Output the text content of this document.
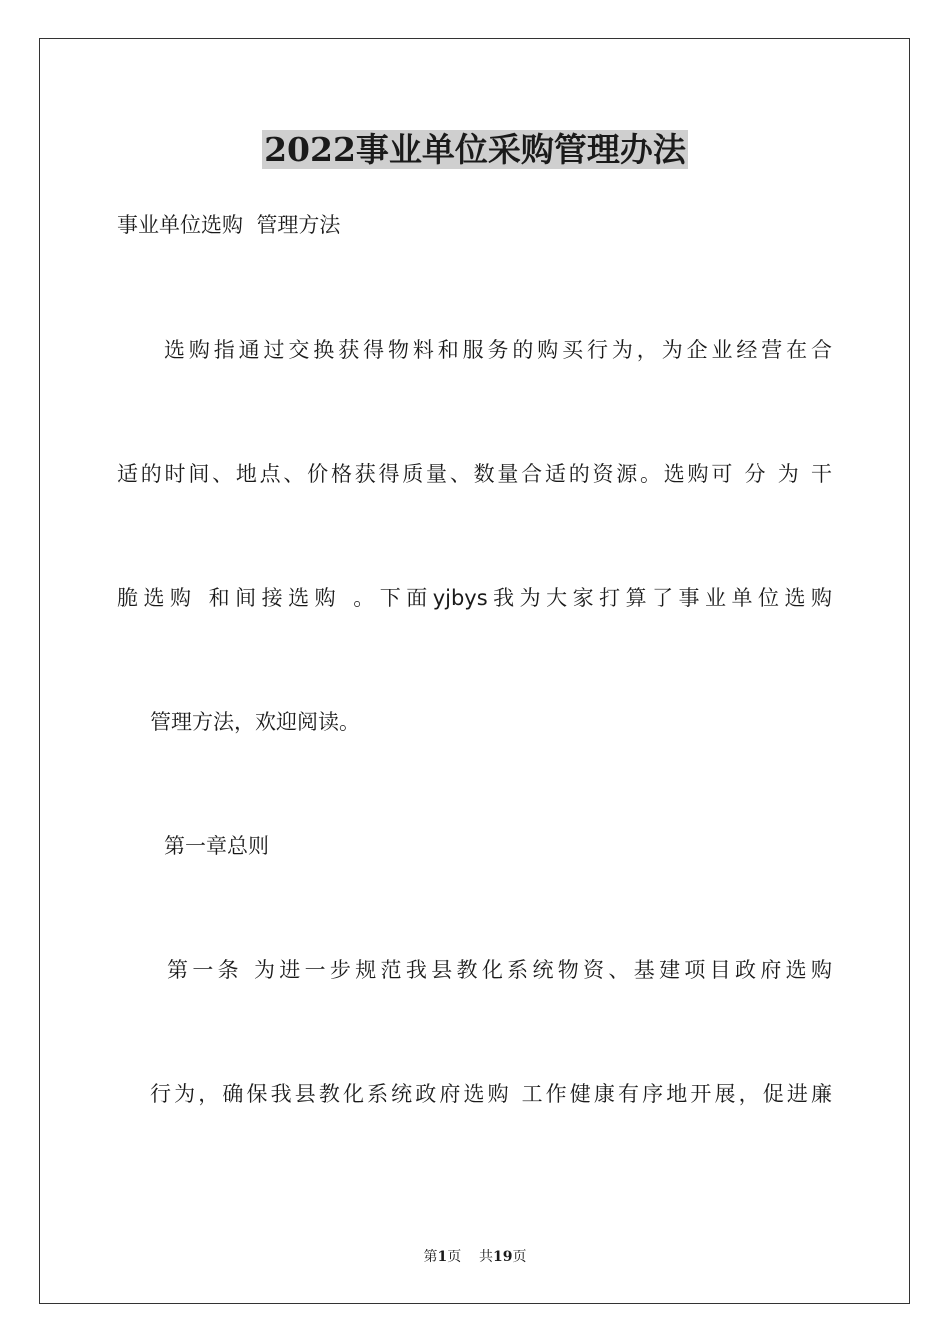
2022事业单位采购管理办法
事业单位选购  管理方法
选购指通过交换获得物料和服务的购买行为，为企业经营在合
适的时间、地点、价格获得质量、数量合适的资源。选购可 分 为 干
脆选购 和间接选购 。下面yjbys我为大家打算了事业单位选购
管理方法，欢迎阅读。
第一章总则
第一条 为进一步规范我县教化系统物资、基建项目政府选购
行为，确保我县教化系统政府选购 工作健康有序地开展，促进廉
第1页 共19页
